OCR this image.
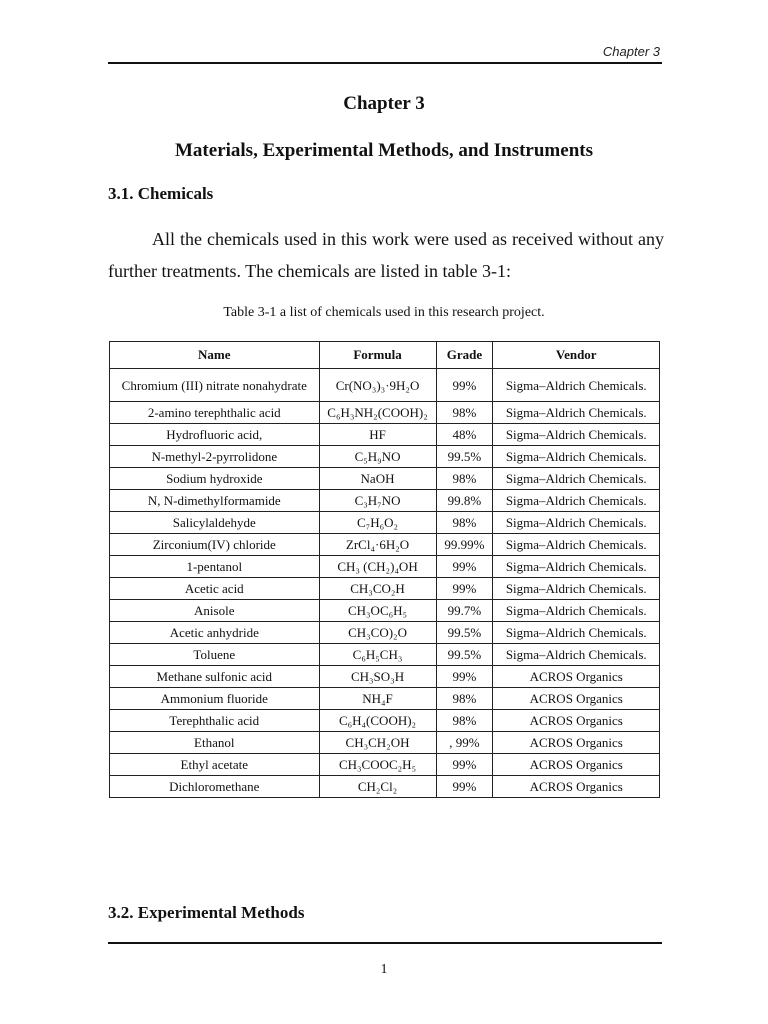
Chapter 3
Chapter 3
Materials, Experimental Methods, and Instruments
3.1. Chemicals
All the chemicals used in this work were used as received without any further treatments. The chemicals are listed in table 3-1:
Table 3-1 a list of chemicals used in this research project.
Name	Formula	Grade	Vendor
Chromium (III) nitrate nonahydrate	Cr(NO₃)₃·9H₂O	99%	Sigma–Aldrich Chemicals.
2-amino terephthalic acid	C₆H₃NH₂(COOH)₂	98%	Sigma–Aldrich Chemicals.
Hydrofluoric acid,	HF	48%	Sigma–Aldrich Chemicals.
N-methyl-2-pyrrolidone	C₅H₉NO	99.5%	Sigma–Aldrich Chemicals.
Sodium hydroxide	NaOH	98%	Sigma–Aldrich Chemicals.
N, N-dimethylformamide	C₃H₇NO	99.8%	Sigma–Aldrich Chemicals.
Salicylaldehyde	C₇H₆O₂	98%	Sigma–Aldrich Chemicals.
Zirconium(IV) chloride	ZrCl₄·6H₂O	99.99%	Sigma–Aldrich Chemicals.
1-pentanol	CH₃ (CH₂)₄OH	99%	Sigma–Aldrich Chemicals.
Acetic acid	CH₃CO₂H	99%	Sigma–Aldrich Chemicals.
Anisole	CH₃OC₆H₅	99.7%	Sigma–Aldrich Chemicals.
Acetic anhydride	CH₃CO)₂O	99.5%	Sigma–Aldrich Chemicals.
Toluene	C₆H₅CH₃	99.5%	Sigma–Aldrich Chemicals.
Methane sulfonic acid	CH₃SO₃H	99%	ACROS Organics
Ammonium fluoride	NH₄F	98%	ACROS Organics
Terephthalic acid	C₆H₄(COOH)₂	98%	ACROS Organics
Ethanol	CH₃CH₂OH	, 99%	ACROS Organics
Ethyl acetate	CH₃COOC₂H₅	99%	ACROS Organics
Dichloromethane	CH₂Cl₂	99%	ACROS Organics
3.2. Experimental Methods
1
